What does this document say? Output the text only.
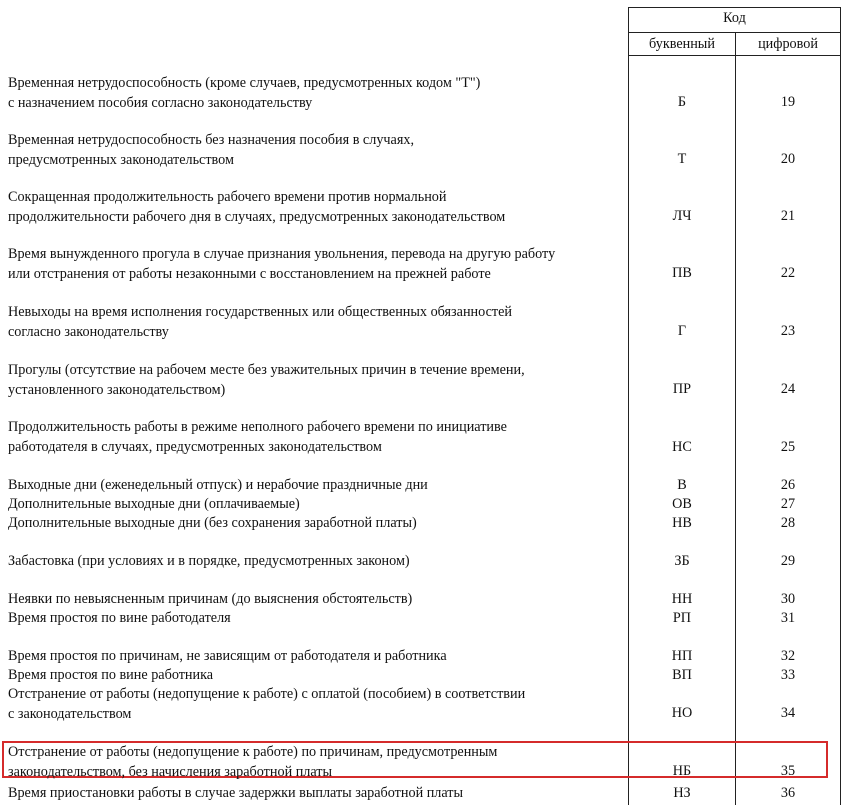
Код
буквенный	цифровой
Временная нетрудоспособность (кроме случаев, предусмотренных кодом "Т")
с назначением пособия согласно законодательству	Б	19
Временная нетрудоспособность без назначения пособия в случаях,
предусмотренных законодательством	Т	20
Сокращенная продолжительность рабочего времени против нормальной
продолжительности рабочего дня в случаях, предусмотренных законодательством	ЛЧ	21
Время вынужденного прогула в случае признания увольнения, перевода на другую работу
или отстранения от работы незаконными с восстановлением на прежней работе	ПВ	22
Невыходы на время исполнения государственных или общественных обязанностей
согласно законодательству	Г	23
Прогулы (отсутствие на рабочем месте без уважительных причин в течение времени,
установленного законодательством)	ПР	24
Продолжительность работы в режиме неполного рабочего времени по инициативе
работодателя в случаях, предусмотренных законодательством	НС	25
Выходные дни (еженедельный отпуск) и нерабочие праздничные дни	В	26
Дополнительные выходные дни (оплачиваемые)	ОВ	27
Дополнительные выходные дни (без сохранения заработной платы)	НВ	28
Забастовка (при условиях и в порядке, предусмотренных законом)	ЗБ	29
Неявки по невыясненным причинам (до выяснения обстоятельств)	НН	30
Время простоя по вине работодателя	РП	31
Время простоя по причинам, не зависящим от работодателя и работника	НП	32
Время простоя по вине работника	ВП	33
Отстранение от работы (недопущение к работе) с оплатой (пособием) в соответствии
с законодательством	НО	34
Отстранение от работы (недопущение к работе) по причинам, предусмотренным
законодательством, без начисления заработной платы	НБ	35
Время приостановки работы в случае задержки выплаты заработной платы	НЗ	36
